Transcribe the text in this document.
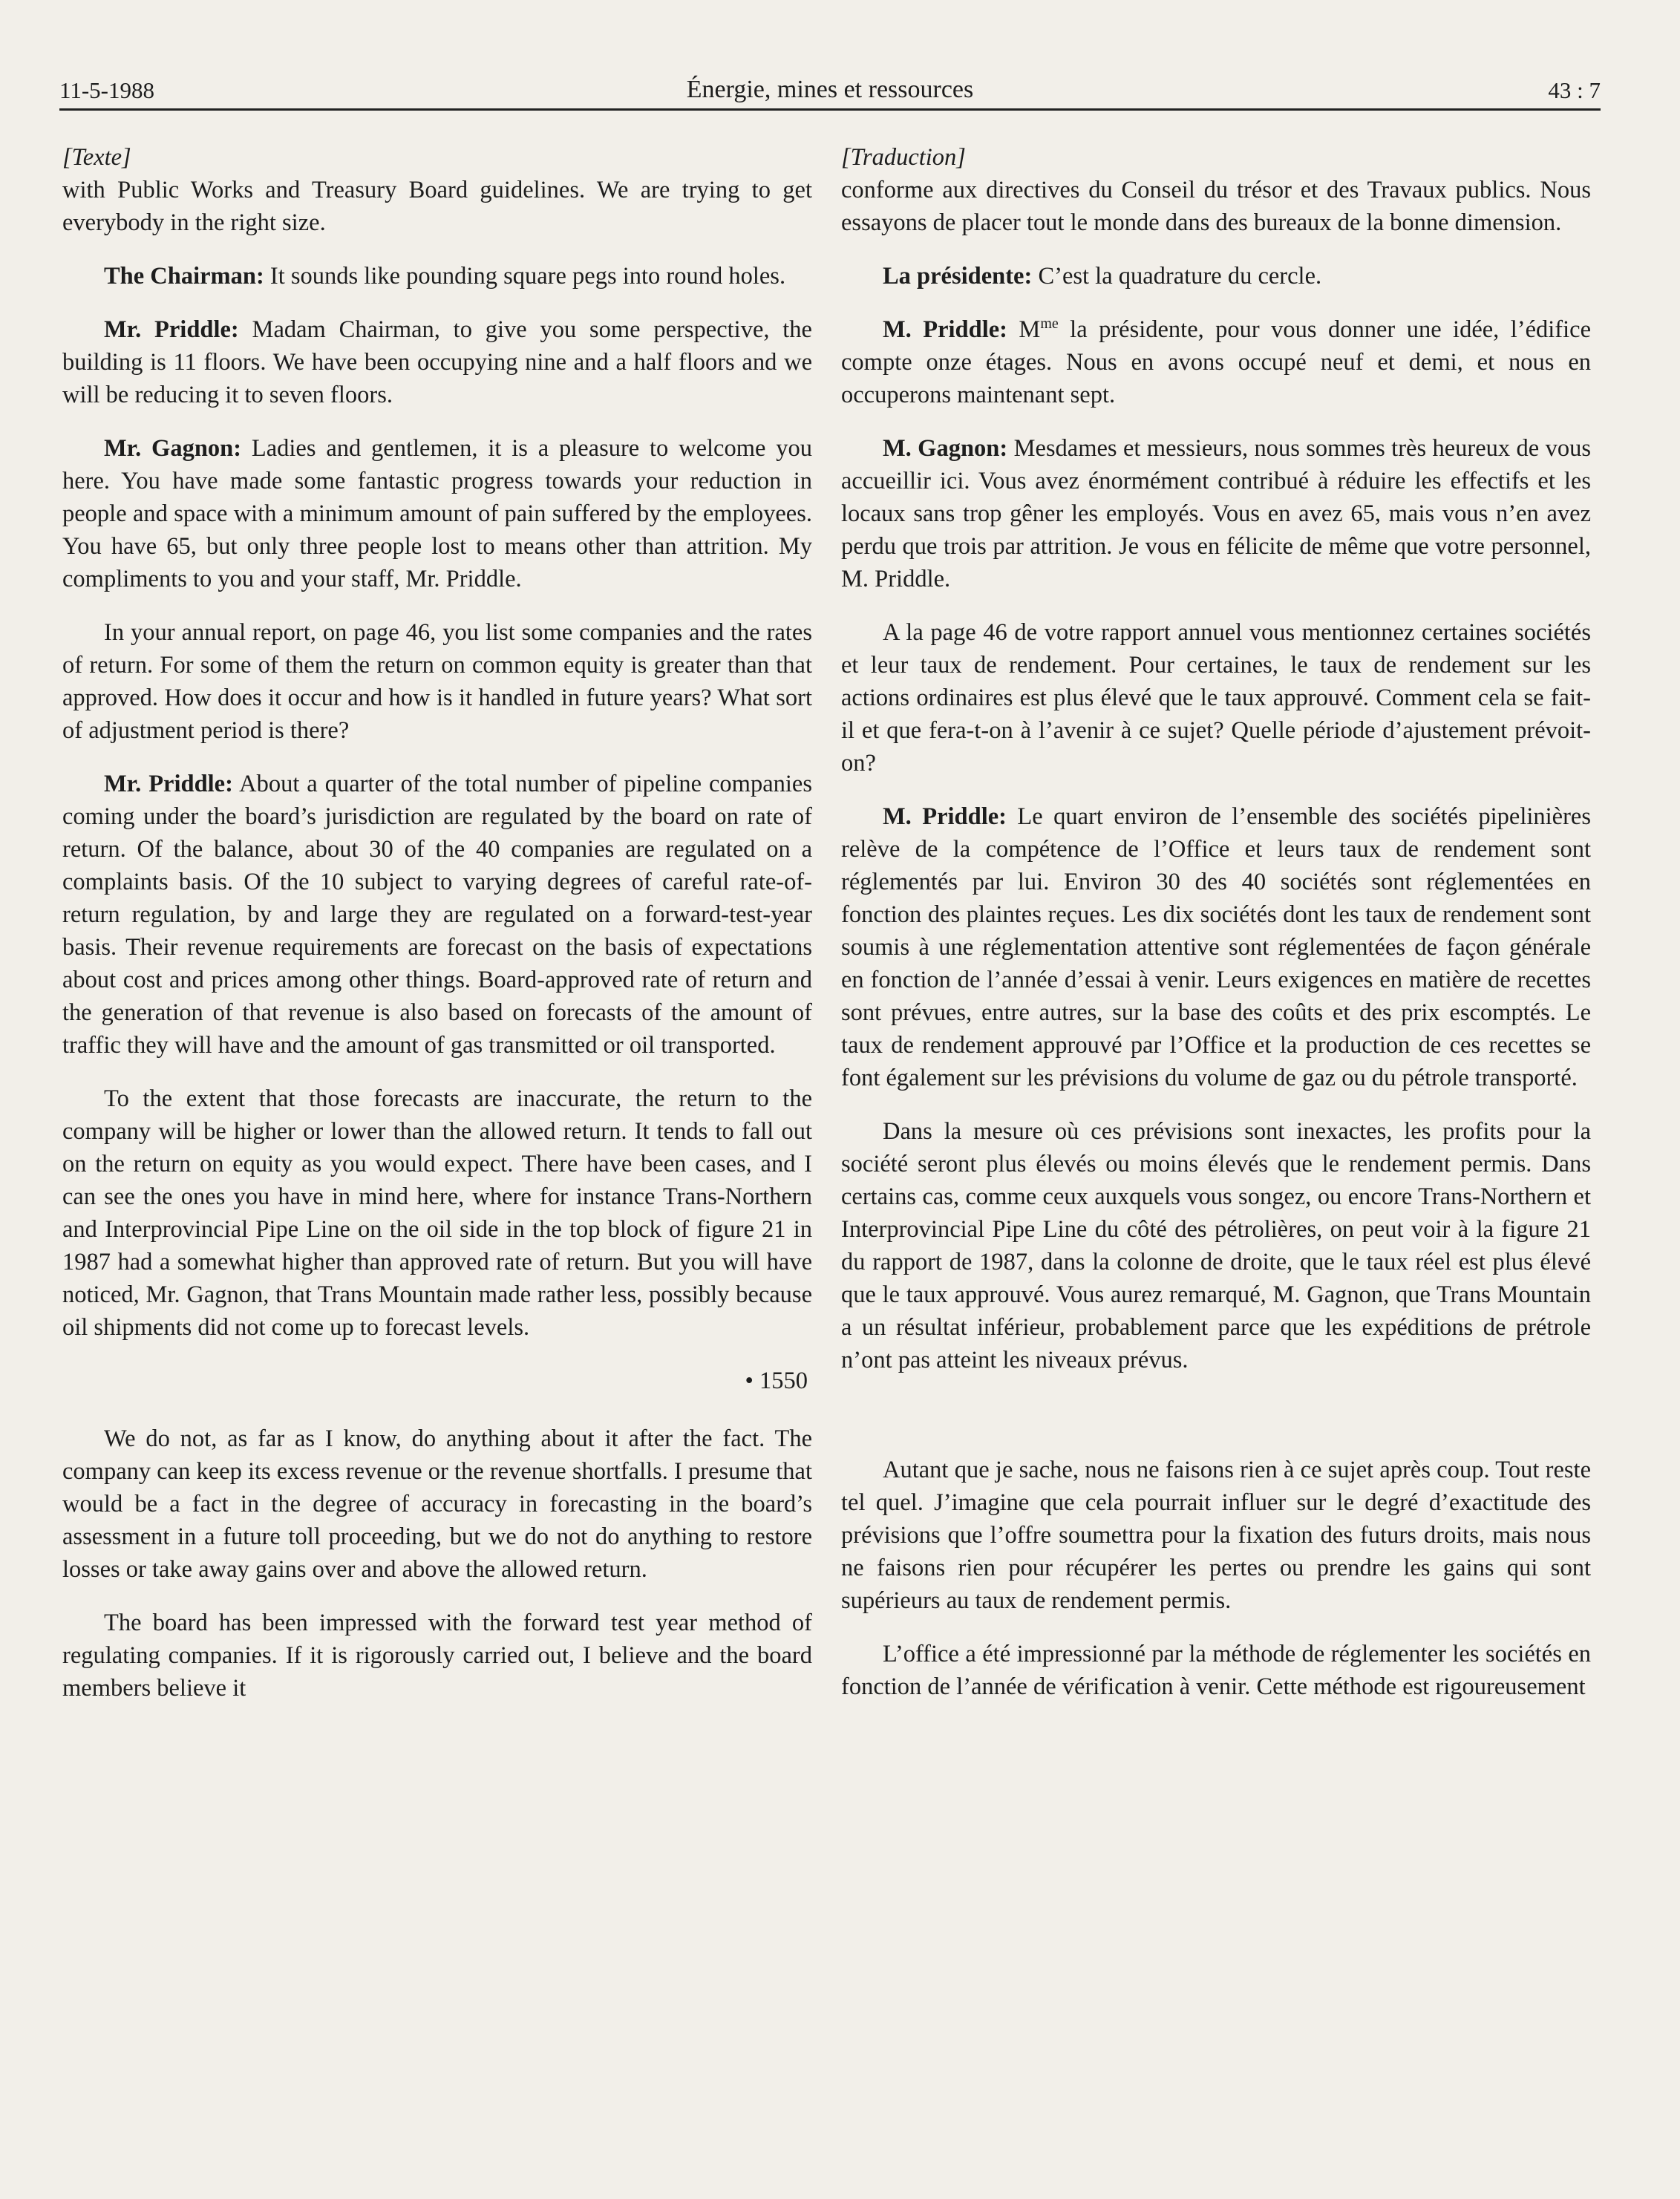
11-5-1988	Énergie, mines et ressources	43 : 7
[Texte]

with Public Works and Treasury Board guidelines. We are trying to get everybody in the right size.

The Chairman: It sounds like pounding square pegs into round holes.

Mr. Priddle: Madam Chairman, to give you some perspective, the building is 11 floors. We have been occupying nine and a half floors and we will be reducing it to seven floors.

Mr. Gagnon: Ladies and gentlemen, it is a pleasure to welcome you here. You have made some fantastic progress towards your reduction in people and space with a minimum amount of pain suffered by the employees. You have 65, but only three people lost to means other than attrition. My compliments to you and your staff, Mr. Priddle.

In your annual report, on page 46, you list some companies and the rates of return. For some of them the return on common equity is greater than that approved. How does it occur and how is it handled in future years? What sort of adjustment period is there?

Mr. Priddle: About a quarter of the total number of pipeline companies coming under the board’s jurisdiction are regulated by the board on rate of return. Of the balance, about 30 of the 40 companies are regulated on a complaints basis. Of the 10 subject to varying degrees of careful rate-of-return regulation, by and large they are regulated on a forward-test-year basis. Their revenue requirements are forecast on the basis of expectations about cost and prices among other things. Board-approved rate of return and the generation of that revenue is also based on forecasts of the amount of traffic they will have and the amount of gas transmitted or oil transported.

To the extent that those forecasts are inaccurate, the return to the company will be higher or lower than the allowed return. It tends to fall out on the return on equity as you would expect. There have been cases, and I can see the ones you have in mind here, where for instance Trans-Northern and Interprovincial Pipe Line on the oil side in the top block of figure 21 in 1987 had a somewhat higher than approved rate of return. But you will have noticed, Mr. Gagnon, that Trans Mountain made rather less, possibly because oil shipments did not come up to forecast levels.

• 1550

We do not, as far as I know, do anything about it after the fact. The company can keep its excess revenue or the revenue shortfalls. I presume that would be a fact in the degree of accuracy in forecasting in the board’s assessment in a future toll proceeding, but we do not do anything to restore losses or take away gains over and above the allowed return.

The board has been impressed with the forward test year method of regulating companies. If it is rigorously carried out, I believe and the board members believe it

[Traduction]

conforme aux directives du Conseil du trésor et des Travaux publics. Nous essayons de placer tout le monde dans des bureaux de la bonne dimension.

La présidente: C’est la quadrature du cercle.

M. Priddle: $M^{me}$ la présidente, pour vous donner une idée, l’édifice compte onze étages. Nous en avons occupé neuf et demi, et nous en occuperons maintenant sept.

M. Gagnon: Mesdames et messieurs, nous sommes très heureux de vous accueillir ici. Vous avez énormément contribué à réduire les effectifs et les locaux sans trop gêner les employés. Vous en avez 65, mais vous n’en avez perdu que trois par attrition. Je vous en félicite de même que votre personnel, M. Priddle.

A la page 46 de votre rapport annuel vous mentionnez certaines sociétés et leur taux de rendement. Pour certaines, le taux de rendement sur les actions ordinaires est plus élevé que le taux approuvé. Comment cela se fait-il et que fera-t-on à l’avenir à ce sujet? Quelle période d’ajustement prévoit-on?

M. Priddle: Le quart environ de l’ensemble des sociétés pipelinières relève de la compétence de l’Office et leurs taux de rendement sont réglementés par lui. Environ 30 des 40 sociétés sont réglementées en fonction des plaintes reçues. Les dix sociétés dont les taux de rendement sont soumis à une réglementation attentive sont réglementées de façon générale en fonction de l’année d’essai à venir. Leurs exigences en matière de recettes sont prévues, entre autres, sur la base des coûts et des prix escomptés. Le taux de rendement approuvé par l’Office et la production de ces recettes se font également sur les prévisions du volume de gaz ou du pétrole transporté.

Dans la mesure où ces prévisions sont inexactes, les profits pour la société seront plus élevés ou moins élevés que le rendement permis. Dans certains cas, comme ceux auxquels vous songez, ou encore Trans-Northern et Interprovincial Pipe Line du côté des pétrolières, on peut voir à la figure 21 du rapport de 1987, dans la colonne de droite, que le taux réel est plus élevé que le taux approuvé. Vous aurez remarqué, M. Gagnon, que Trans Mountain a un résultat inférieur, probablement parce que les expéditions de prétrole n’ont pas atteint les niveaux prévus.

Autant que je sache, nous ne faisons rien à ce sujet après coup. Tout reste tel quel. J’imagine que cela pourrait influer sur le degré d’exactitude des prévisions que l’offre soumettra pour la fixation des futurs droits, mais nous ne faisons rien pour récupérer les pertes ou prendre les gains qui sont supérieurs au taux de rendement permis.

L’office a été impressionné par la méthode de réglementer les sociétés en fonction de l’année de vérification à venir. Cette méthode est rigoureusement
